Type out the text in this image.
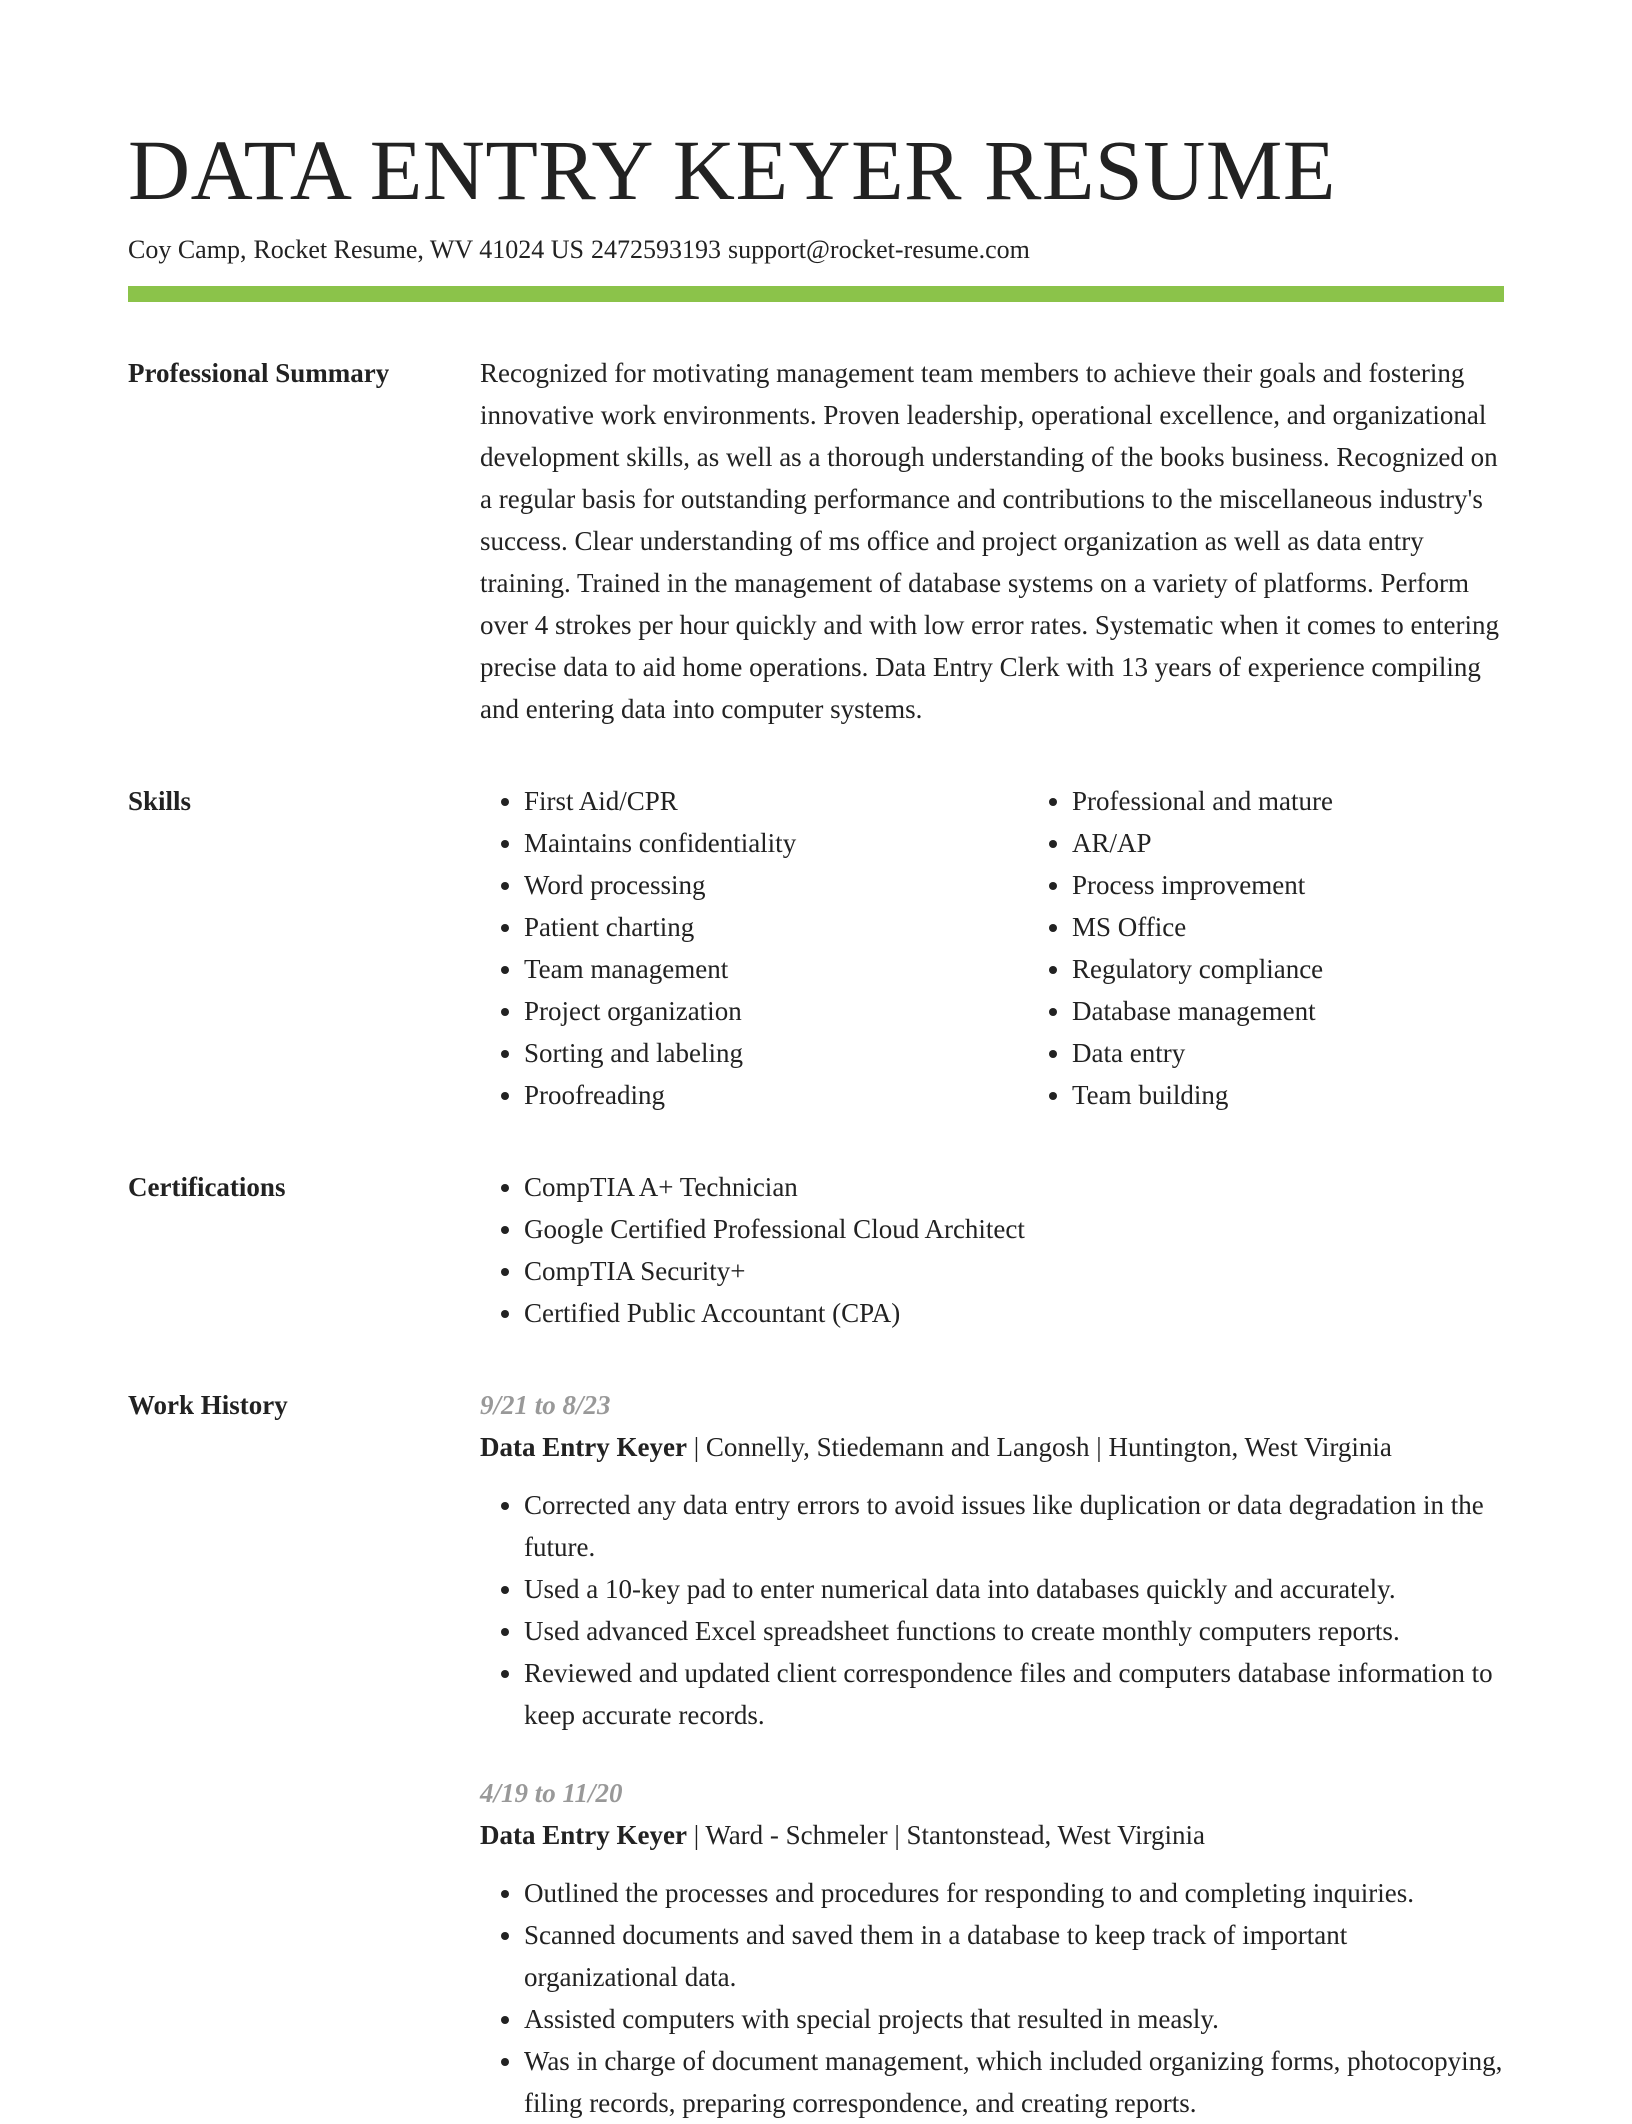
DATA ENTRY KEYER RESUME
Coy Camp, Rocket Resume, WV 41024 US 2472593193 support@rocket-resume.com
Professional Summary	Recognized for motivating management team members to achieve their goals and fostering innovative work environments. Proven leadership, operational excellence, and organizational development skills, as well as a thorough understanding of the books business. Recognized on a regular basis for outstanding performance and contributions to the miscellaneous industry's success. Clear understanding of ms office and project organization as well as data entry training. Trained in the management of database systems on a variety of platforms. Perform over 4 strokes per hour quickly and with low error rates. Systematic when it comes to entering precise data to aid home operations. Data Entry Clerk with 13 years of experience compiling and entering data into computer systems.

Skills	• First Aid/CPR
• Maintains confidentiality
• Word processing
• Patient charting
• Team management
• Project organization
• Sorting and labeling
• Proofreading
• Professional and mature
• AR/AP
• Process improvement
• MS Office
• Regulatory compliance
• Database management
• Data entry
• Team building
Certifications	• CompTIA A+ Technician
• Google Certified Professional Cloud Architect
• CompTIA Security+
• Certified Public Accountant (CPA)
Work History	9/21 to 8/23
Data Entry Keyer | Connelly, Stiedemann and Langosh | Huntington, West Virginia
• Corrected any data entry errors to avoid issues like duplication or data degradation in the future.
• Used a 10-key pad to enter numerical data into databases quickly and accurately.
• Used advanced Excel spreadsheet functions to create monthly computers reports.
• Reviewed and updated client correspondence files and computers database information to keep accurate records.
4/19 to 11/20
Data Entry Keyer | Ward - Schmeler | Stantonstead, West Virginia
• Outlined the processes and procedures for responding to and completing inquiries.
• Scanned documents and saved them in a database to keep track of important organizational data.
• Assisted computers with special projects that resulted in measly.
• Was in charge of document management, which included organizing forms, photocopying, filing records, preparing correspondence, and creating reports.
